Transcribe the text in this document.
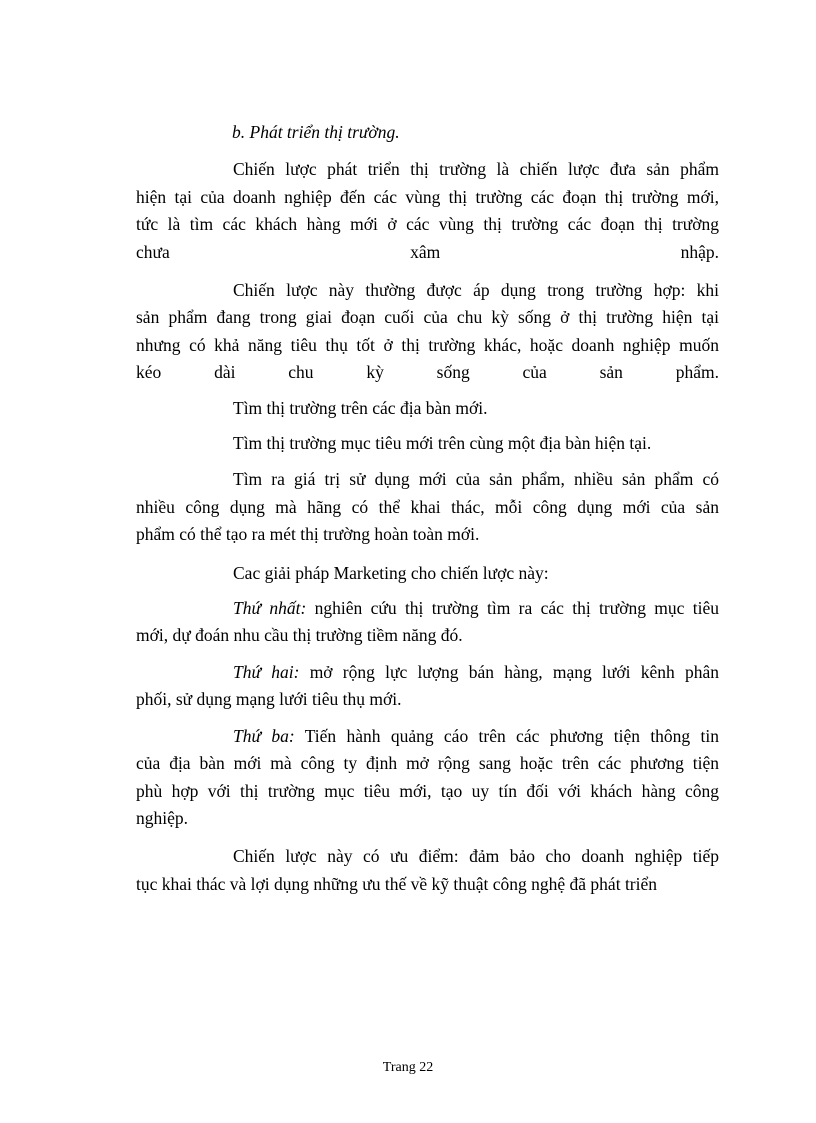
b. Phát triển thị trường.
Chiến lược phát triển thị trường là chiến lược đưa sản phẩm
hiện tại của doanh nghiệp đến các vùng thị trường các đoạn thị trường mới,
tức là tìm các khách hàng mới ở các vùng thị trường các đoạn thị trường
chưa xâm nhập.
Chiến lược này thường được áp dụng trong trường hợp: khi
sản phẩm đang trong giai đoạn cuối của chu kỳ sống ở thị trường hiện tại
nhưng có khả năng tiêu thụ tốt ở thị trường khác, hoặc doanh nghiệp muốn
kéo dài chu kỳ sống của sản phẩm.
Tìm thị trường trên các địa bàn mới.
Tìm thị trường mục tiêu mới trên cùng một địa bàn hiện tại.
Tìm ra giá trị sử dụng mới của sản phẩm, nhiều sản phẩm có
nhiều công dụng mà hãng có thể khai thác, mỗi công dụng mới của sản
phẩm có thể tạo ra mét thị trường hoàn toàn mới.
Cac giải pháp Marketing cho chiến lược này:
Thứ nhất: nghiên cứu thị trường tìm ra các thị trường mục tiêu
mới, dự đoán nhu cầu thị trường tiềm năng đó.
Thứ hai: mở rộng lực lượng bán hàng, mạng lưới kênh phân
phối, sử dụng mạng lưới tiêu thụ mới.
Thứ ba: Tiến hành quảng cáo trên các phương tiện thông tin
của địa bàn mới mà công ty định mở rộng sang hoặc trên các phương tiện
phù hợp với thị trường mục tiêu mới, tạo uy tín đối với khách hàng công
nghiệp.
Chiến lược này có ưu điểm: đảm bảo cho doanh nghiệp tiếp
tục khai thác và lợi dụng những ưu thế về kỹ thuật công nghệ đã phát triển
Trang 22
